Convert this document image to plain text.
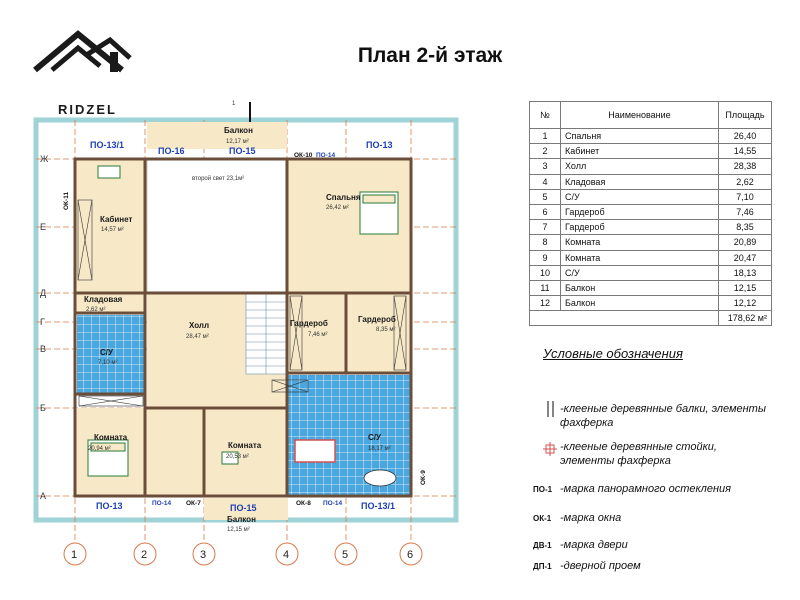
RIDZEL
План 2-й этаж
1
Кабинет
14,57 м²
Кладовая
2,62 м²
С/У
7,10 м²
Холл
28,47 м²
Гардероб
7,46 м²
Гардероб
8,35 м²
Спальня
26,42 м²
Комната
20,94 м²	Комната
20,53 м²
С/У
18,17 м²
Балкон
12,17 м²
Балкон
12,15 м²
второй свет 23,1м²
ПО-13/1
ПО-16	ПО-15	ОК-10 ПО-14
ПО-13
ОК-11
ПО-13	ПО-14 ОК-7	ПО-15	ОК-8 ПО-14 ПО-13/1
ОК-9
1	2	3	4	5	6
Ж
Е
Д
Г
В
Б
А
№	Наименование	Площадь
1	Спальня	26,40
2	Кабинет	14,55
3	Холл	28,38
4	Кладовая	2,62
5	С/У	7,10
6	Гардероб	7,46
7	Гардероб	8,35
8	Комната	20,89
9	Комната	20,47
10	С/У	18,13
11	Балкон	12,15
12	Балкон	12,12
		178,62 м²
Условные обозначения
-клееные деревянные балки, элементы фахферка
-клееные деревянные стойки, элементы фахферка
ПО-1 -марка панорамного остекления
ОК-1 -марка окна
ДВ-1 -марка двери
ДП-1 -дверной проем
